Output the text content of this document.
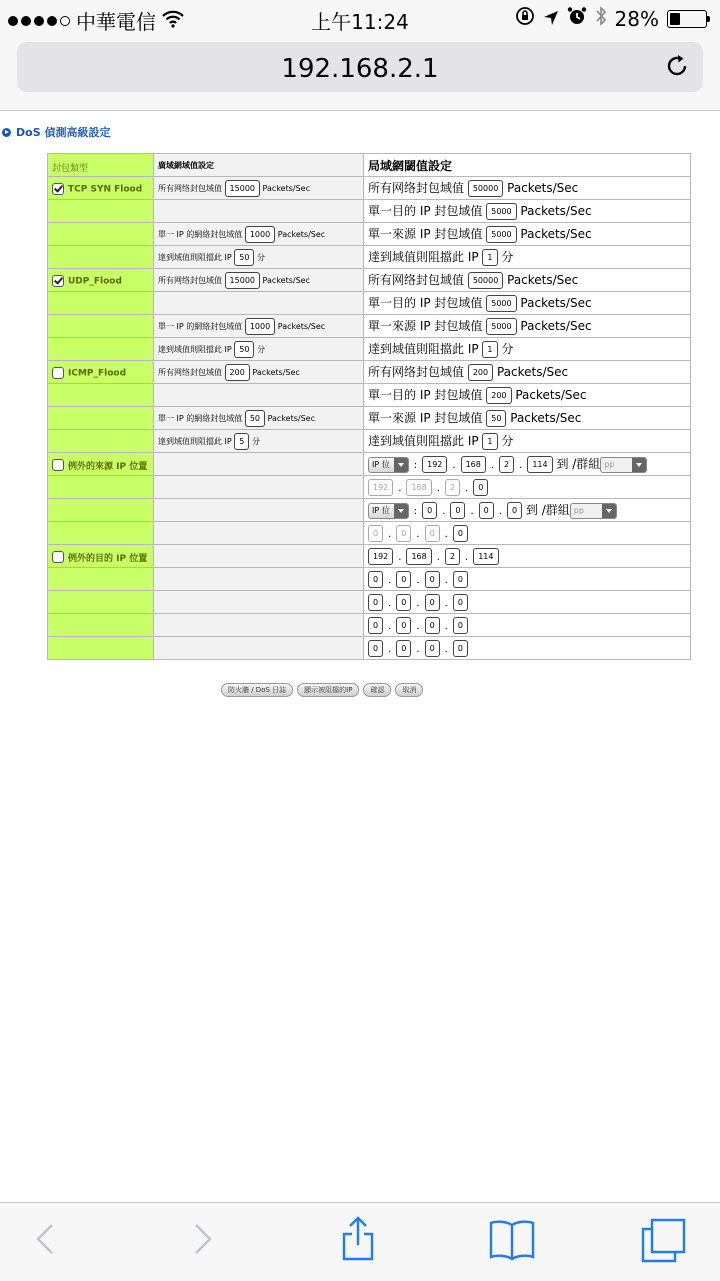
中華電信	上午11:24	28%
192.168.2.1
DoS 偵測高級設定
封包類型	廣域網域值設定	局域網閾值設定
TCP SYN Flood	所有网络封包域值 15000 Packets/Sec	所有网络封包域值 50000 Packets/Sec
		單一目的 IP 封包域值 5000 Packets/Sec
	單一 IP 的網絡封包域值 1000 Packets/Sec	單一來源 IP 封包域值 5000 Packets/Sec
	達到域值則阻擋此 IP 50 分	達到域值則阻擋此 IP 1 分
UDP_Flood	所有网络封包域值 15000 Packets/Sec	所有网络封包域值 50000 Packets/Sec
		單一目的 IP 封包域值 5000 Packets/Sec
	單一 IP 的網絡封包域值 1000 Packets/Sec	單一來源 IP 封包域值 5000 Packets/Sec
	達到域值則阻擋此 IP 50 分	達到域值則阻擋此 IP 1 分
ICMP_Flood	所有网络封包域值 200 Packets/Sec	所有网络封包域值 200 Packets/Sec
		單一目的 IP 封包域值 200 Packets/Sec
	單一 IP 的網絡封包域值 50 Packets/Sec	單一來源 IP 封包域值 50 Packets/Sec
	達到域值則阻擋此 IP 5 分	達到域值則阻擋此 IP 1 分
例外的來源 IP 位置		IP 位 : 192 . 168 . 2 . 114 到 /群組 pp

		192 . 168 . 2 . 0
		IP 位 : 0 . 0 . 0 . 0 到 /群組 pp

		0 . 0 . 0 . 0
例外的目的 IP 位置		192 . 168 . 2 . 114
		0 . 0 . 0 . 0
		0 . 0 . 0 . 0
		0 . 0 . 0 . 0
		0 . 0 . 0 . 0
防火牆 / DoS 日誌	顯示被阻擋的IP	確認	取消
